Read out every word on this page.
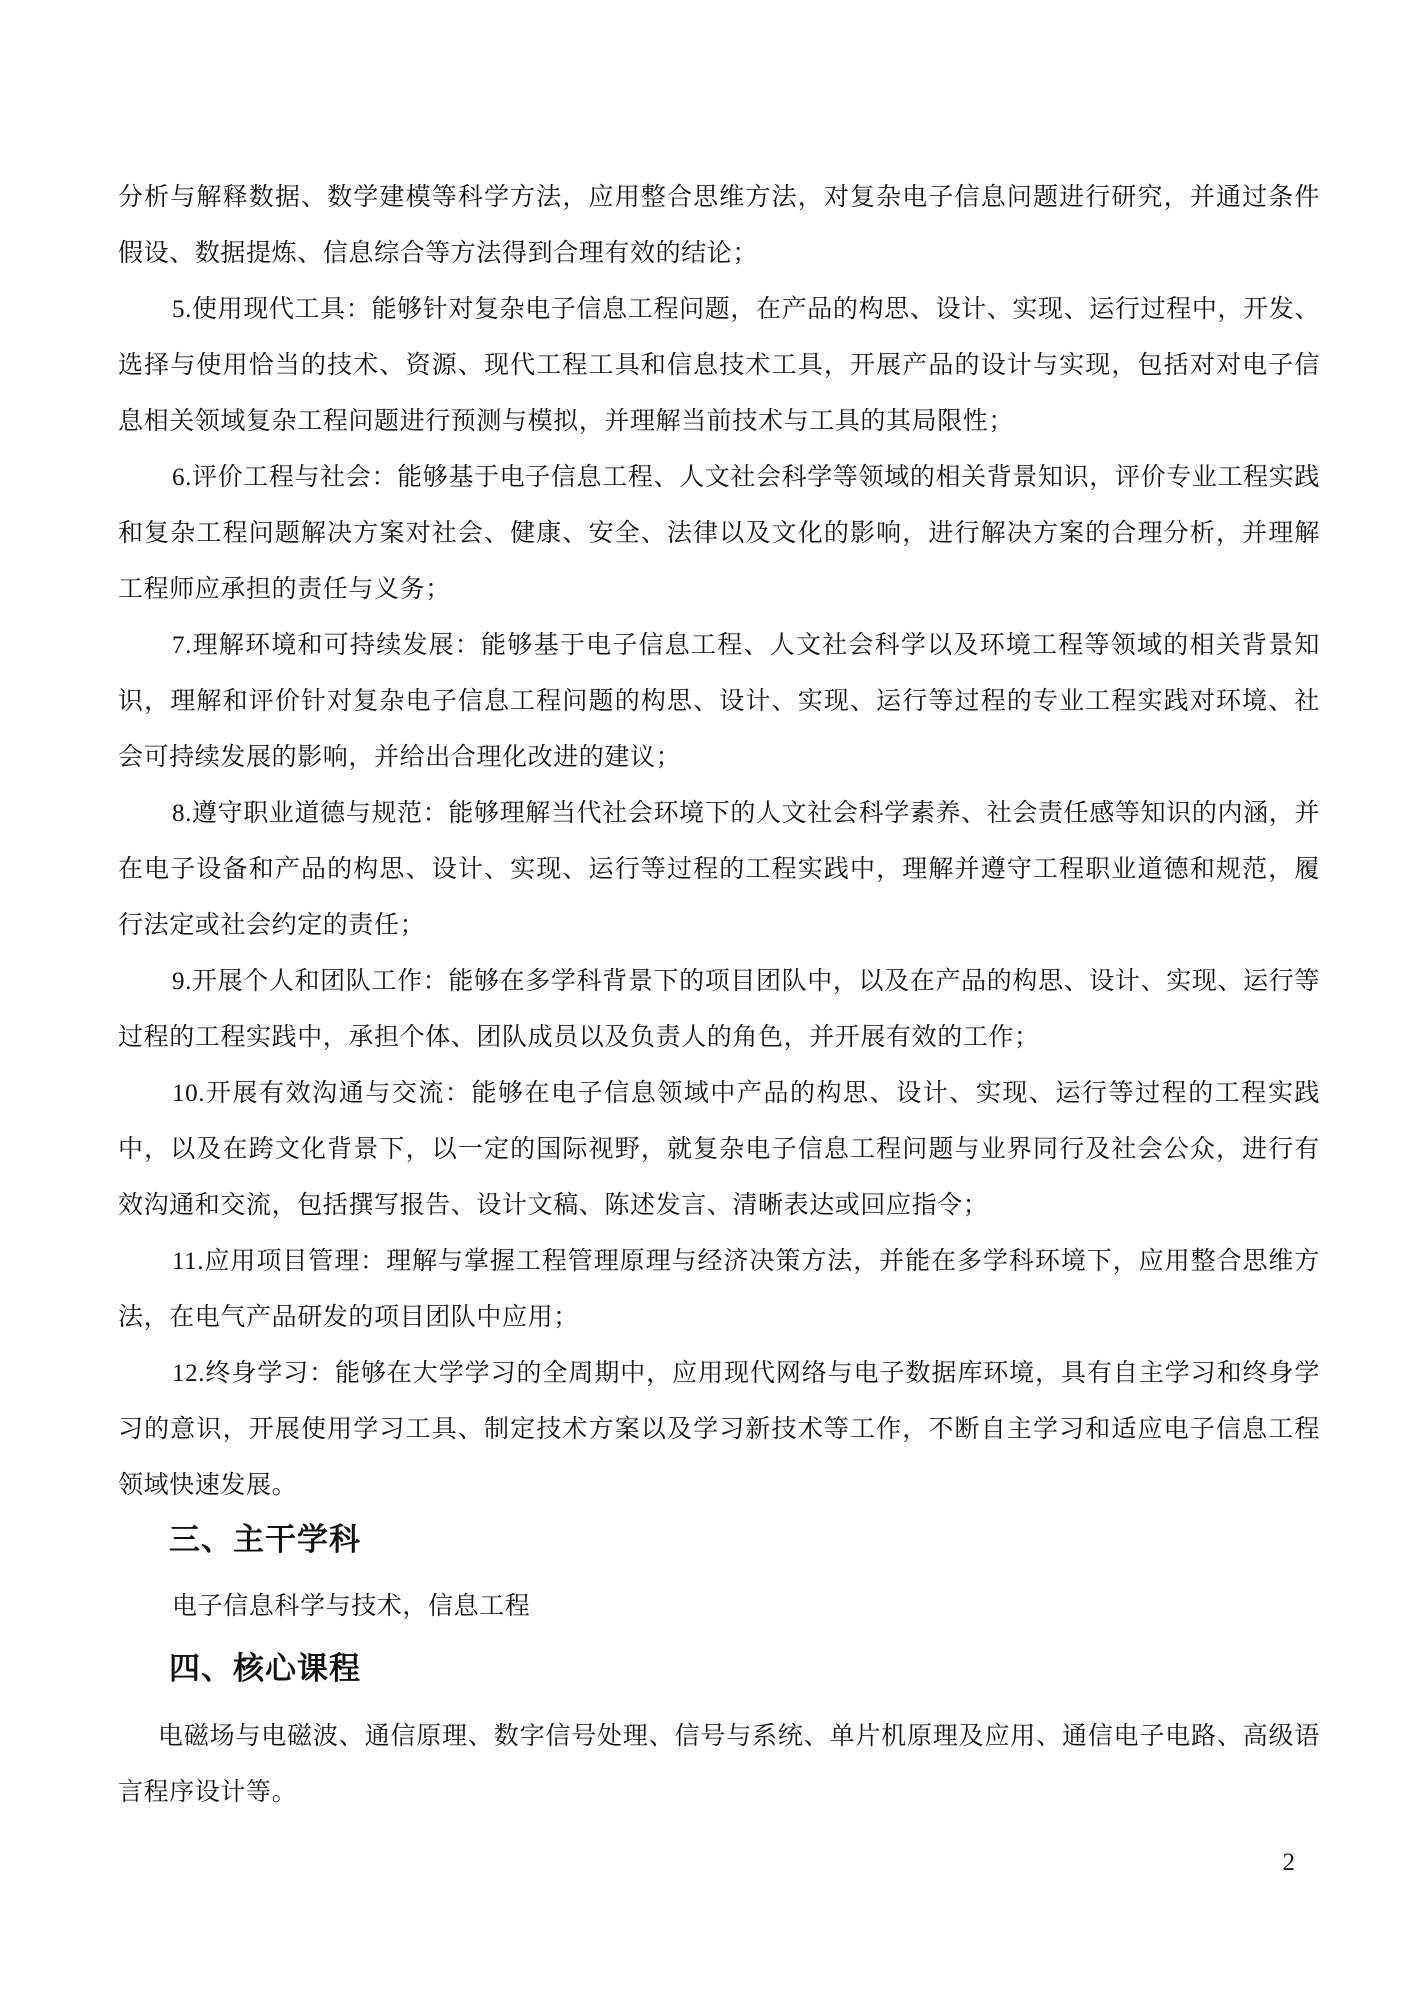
分析与解释数据、数学建模等科学方法，应用整合思维方法，对复杂电子信息问题进行研究，并通过条件假设、数据提炼、信息综合等方法得到合理有效的结论；

5.使用现代工具：能够针对复杂电子信息工程问题，在产品的构思、设计、实现、运行过程中，开发、选择与使用恰当的技术、资源、现代工程工具和信息技术工具，开展产品的设计与实现，包括对对电子信息相关领域复杂工程问题进行预测与模拟，并理解当前技术与工具的其局限性；

6.评价工程与社会：能够基于电子信息工程、人文社会科学等领域的相关背景知识，评价专业工程实践和复杂工程问题解决方案对社会、健康、安全、法律以及文化的影响，进行解决方案的合理分析，并理解工程师应承担的责任与义务；

7.理解环境和可持续发展：能够基于电子信息工程、人文社会科学以及环境工程等领域的相关背景知识，理解和评价针对复杂电子信息工程问题的构思、设计、实现、运行等过程的专业工程实践对环境、社会可持续发展的影响，并给出合理化改进的建议；

8.遵守职业道德与规范：能够理解当代社会环境下的人文社会科学素养、社会责任感等知识的内涵，并在电子设备和产品的构思、设计、实现、运行等过程的工程实践中，理解并遵守工程职业道德和规范，履行法定或社会约定的责任；

9.开展个人和团队工作：能够在多学科背景下的项目团队中，以及在产品的构思、设计、实现、运行等过程的工程实践中，承担个体、团队成员以及负责人的角色，并开展有效的工作；

10.开展有效沟通与交流：能够在电子信息领域中产品的构思、设计、实现、运行等过程的工程实践中，以及在跨文化背景下，以一定的国际视野，就复杂电子信息工程问题与业界同行及社会公众，进行有效沟通和交流，包括撰写报告、设计文稿、陈述发言、清晰表达或回应指令；

11.应用项目管理：理解与掌握工程管理原理与经济决策方法，并能在多学科环境下，应用整合思维方法，在电气产品研发的项目团队中应用；

12.终身学习：能够在大学学习的全周期中，应用现代网络与电子数据库环境，具有自主学习和终身学习的意识，开展使用学习工具、制定技术方案以及学习新技术等工作，不断自主学习和适应电子信息工程领域快速发展。

三、主干学科

电子信息科学与技术，信息工程

四、核心课程

电磁场与电磁波、通信原理、数字信号处理、信号与系统、单片机原理及应用、通信电子电路、高级语言程序设计等。

2
